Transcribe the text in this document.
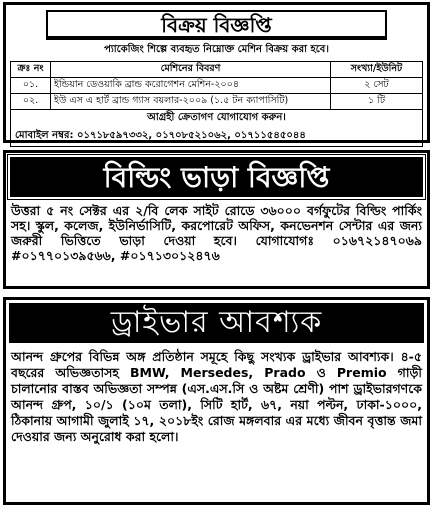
বিক্রয় বিজ্ঞপ্তি
প্যাকেজিং শিল্পে ব্যবহৃত নিম্নোক্ত মেশিন বিক্রয় করা হবে।
ক্রঃ নং	মেশিনের বিবরণ	সংখ্যা/ইউনিট
০১.	ইন্ডিয়ান ডেওয়াকি ব্রান্ড করোগেশন মেশিন-২০০৪	২ সেট
০২.	ইউ এস এ হার্ট ব্রান্ড গ্যাস বয়লার-২০০৯ (১.৫ টন ক্যাপাসিটি)	১ টি
আগ্রহী ক্রেতাগণ যোগাযোগ করুন।		
মোবাইল নম্বর: ০১৭১৮৫৯৭৩৩২, ০১৭০৮৫২১০৬২, ০১৭১১৫৪৫০৪৪
বিল্ডিং ভাড়া বিজ্ঞপ্তি
উত্তরা ৫ নং সেক্টর এর ২/বি লেক সাইট রোডে ৩৬০০০ বর্গফুটের বিল্ডিং পার্কিং সহ। স্কুল, কলেজ, ইউনির্ভাসিটি, করপোরেট অফিস, কনভেনশন সেন্টার এর জন্য জরুরী ভিত্তিতে ভাড়া দেওয়া হবে। যোগাযোগঃ ০১৬৭২১৪৭০৬৯ #০১৭৭০১৩৯৫৬৬, #০১৭১৩০১২৪৭৬
ড্রাইভার আবশ্যক
আনন্দ গ্রুপের বিভিন্ন অঙ্গ প্রতিষ্ঠান সমূহে কিছু সংখ্যক ড্রাইভার আবশ্যক। ৪-৫ বছরের অভিজ্ঞতাসহ BMW, Mersedes, Prado ও Premio গাড়ী চালানোর বাস্তব অভিজ্ঞতা সম্পন্ন (এস.এস.সি ও অষ্টম শ্রেণী) পাশ ড্রাইভারগণকে আনন্দ গ্রুপ, ১০/১ (১০ম তলা), সিটি হার্ট, ৬৭, নয়া পল্টন, ঢাকা-১০০০, ঠিকানায় আগামী জুলাই ১৭, ২০১৮ইং রোজ মঙ্গলবার এর মধ্যে জীবন বৃত্তান্ত জমা দেওয়ার জন্য অনুরোধ করা হলো।
